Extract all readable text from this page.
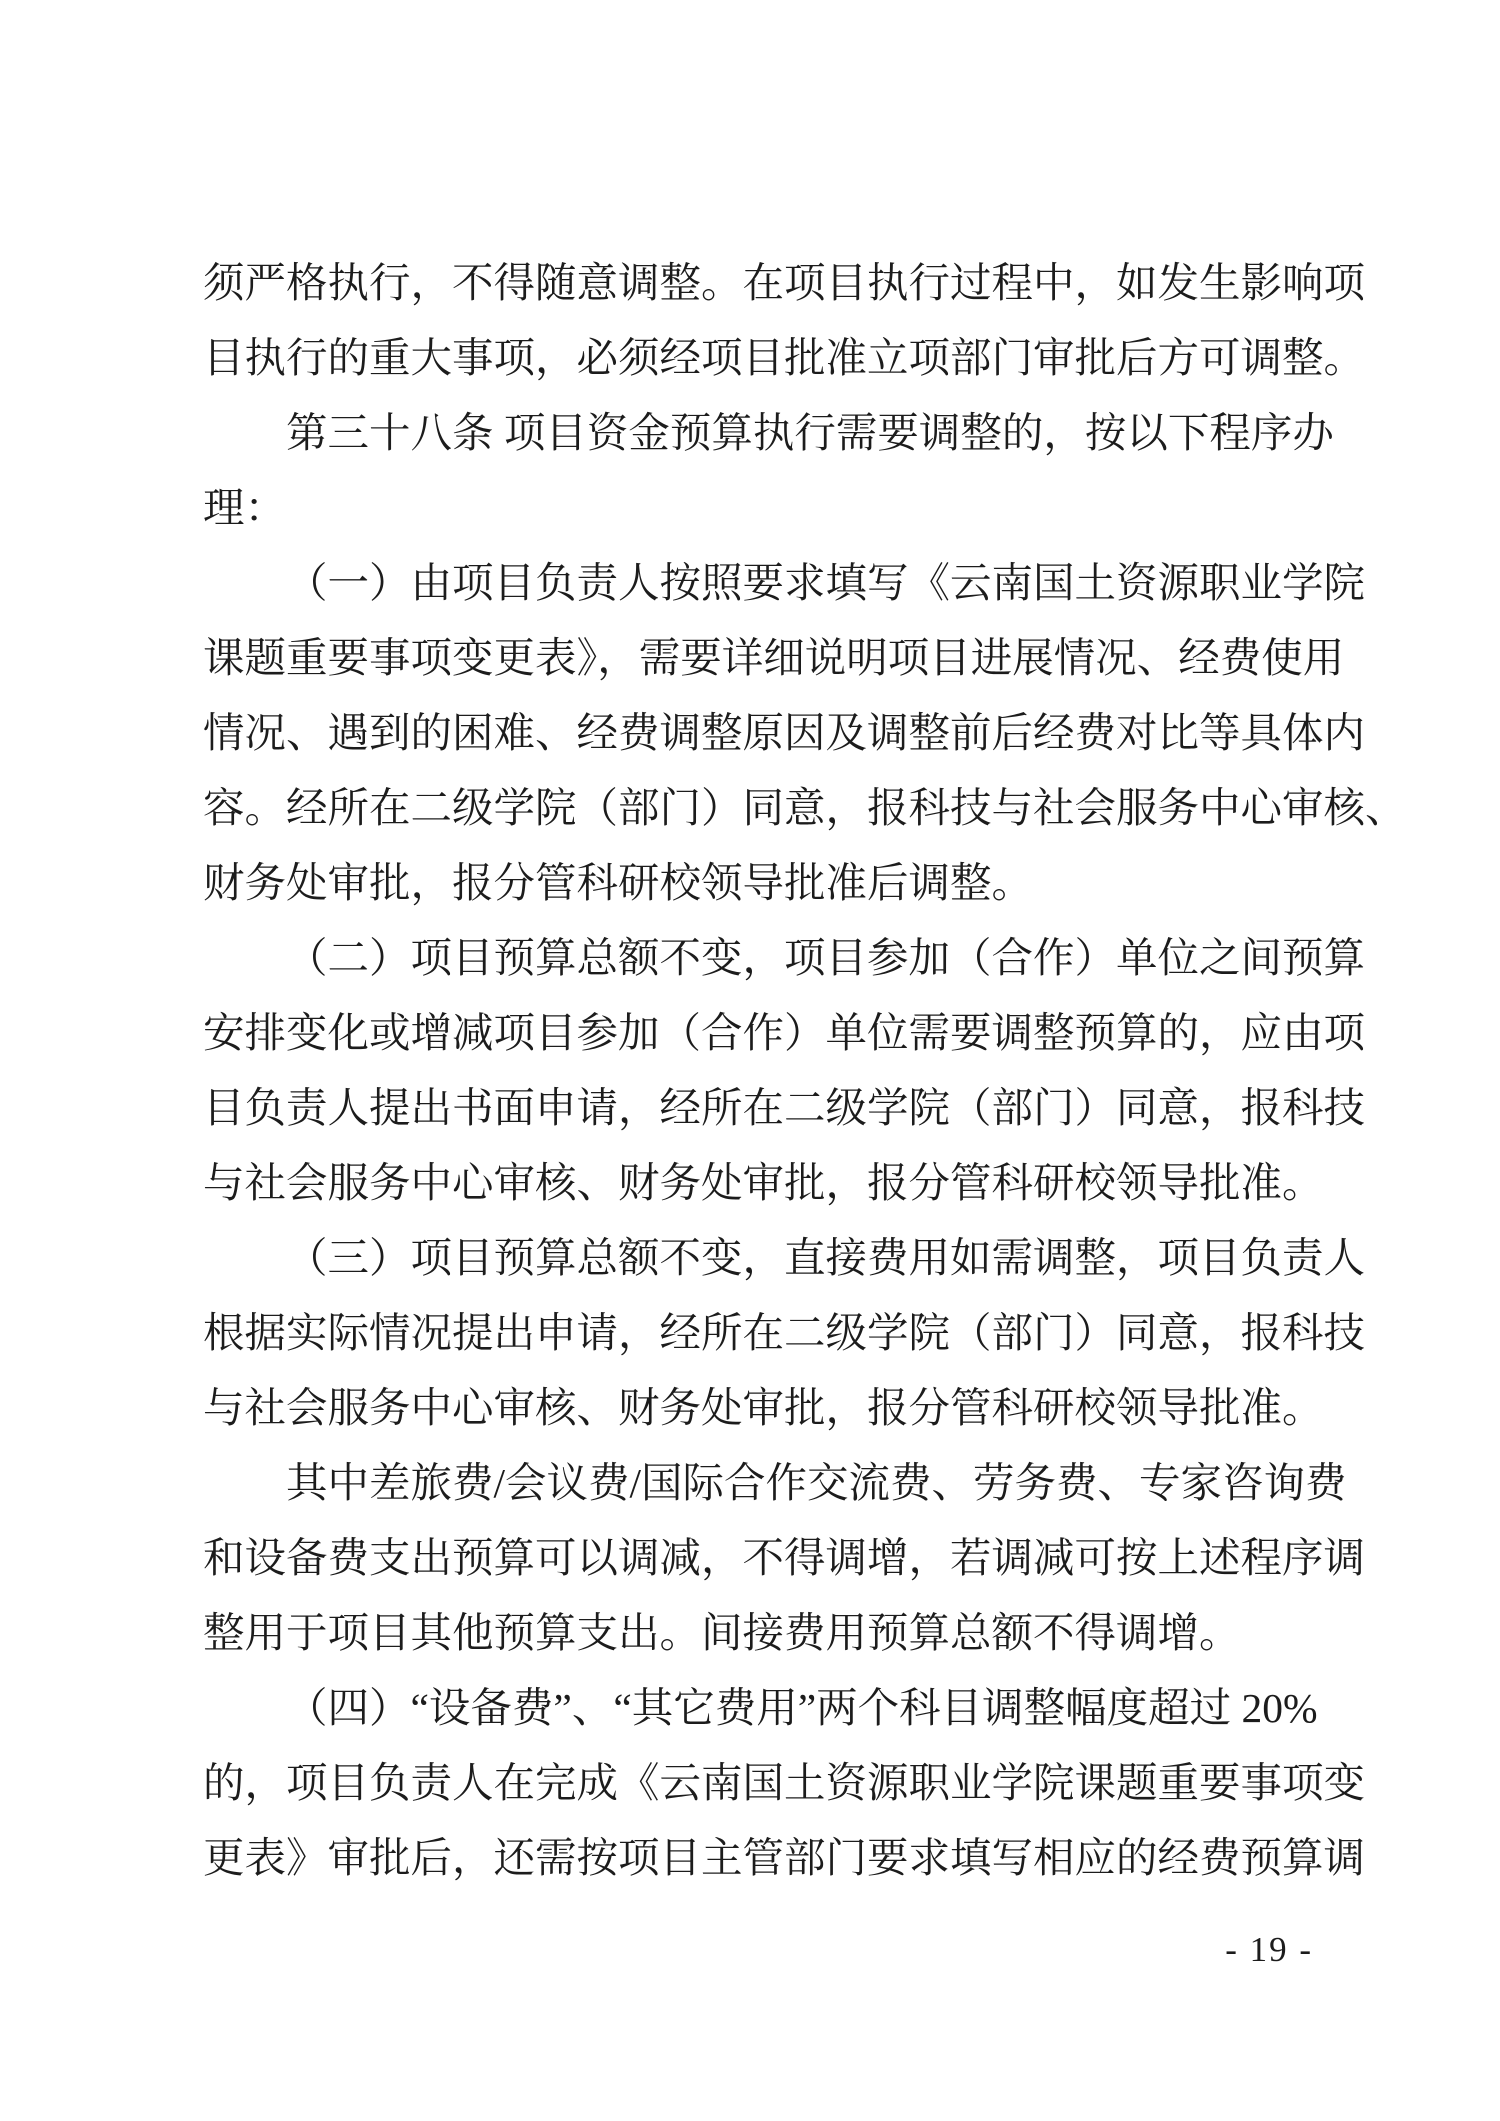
须严格执行，不得随意调整。在项目执行过程中，如发生影响项
目执行的重大事项，必须经项目批准立项部门审批后方可调整。
第三十八条 项目资金预算执行需要调整的，按以下程序办
理：
（一）由项目负责人按照要求填写《云南国土资源职业学院
课题重要事项变更表》，需要详细说明项目进展情况、经费使用
情况、遇到的困难、经费调整原因及调整前后经费对比等具体内
容。经所在二级学院（部门）同意，报科技与社会服务中心审核、
财务处审批，报分管科研校领导批准后调整。
（二）项目预算总额不变，项目参加（合作）单位之间预算
安排变化或增减项目参加（合作）单位需要调整预算的，应由项
目负责人提出书面申请，经所在二级学院（部门）同意，报科技
与社会服务中心审核、财务处审批，报分管科研校领导批准。
（三）项目预算总额不变，直接费用如需调整，项目负责人
根据实际情况提出申请，经所在二级学院（部门）同意，报科技
与社会服务中心审核、财务处审批，报分管科研校领导批准。
其中差旅费/会议费/国际合作交流费、劳务费、专家咨询费
和设备费支出预算可以调减，不得调增，若调减可按上述程序调
整用于项目其他预算支出。间接费用预算总额不得调增。
（四）“设备费”、“其它费用”两个科目调整幅度超过 20%
的，项目负责人在完成《云南国土资源职业学院课题重要事项变
更表》审批后，还需按项目主管部门要求填写相应的经费预算调
- 19 -
